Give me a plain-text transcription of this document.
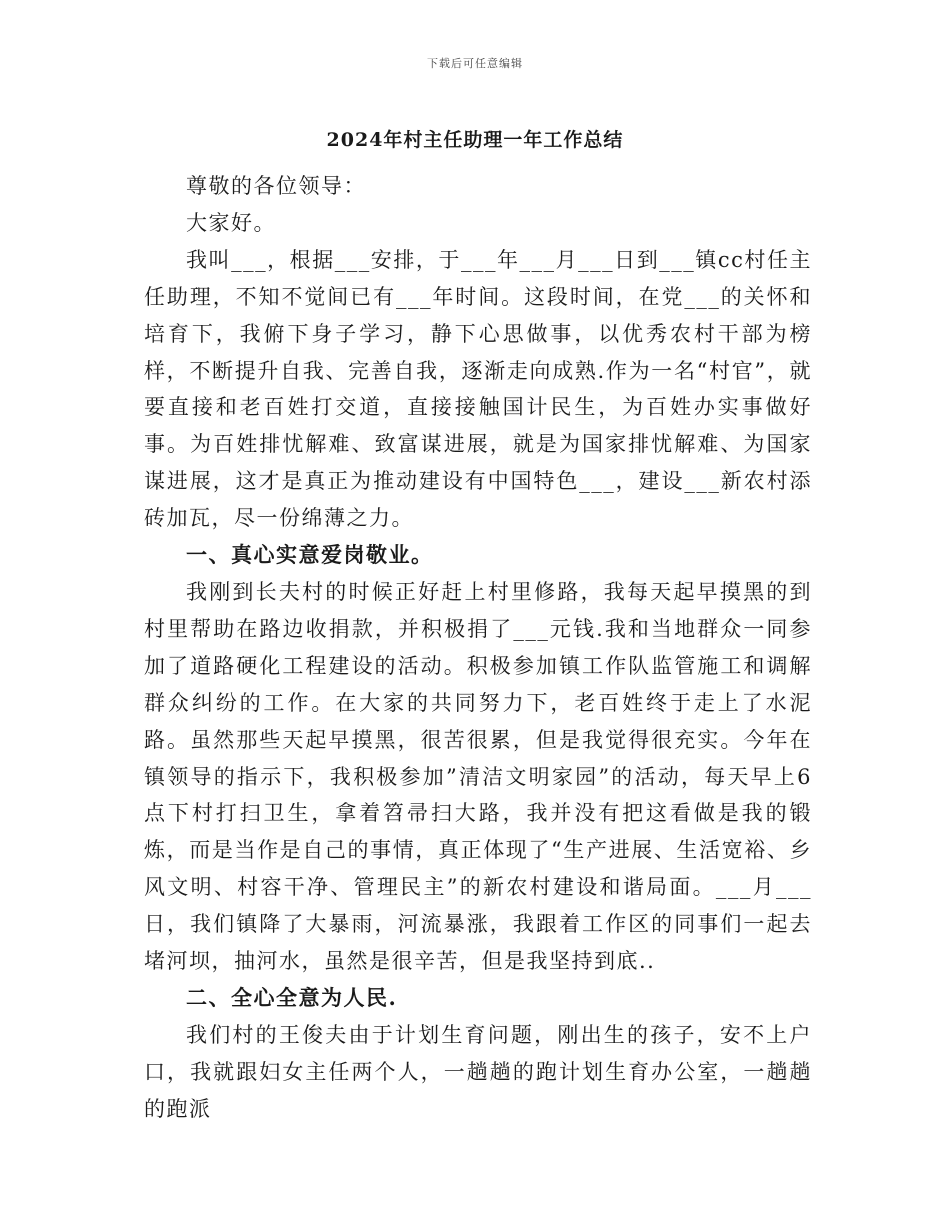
下载后可任意编辑
2024年村主任助理一年工作总结

尊敬的各位领导：

大家好。

我叫___，根据___安排，于___年___月___日到___镇cc村任主任助理，不知不觉间已有___年时间。这段时间，在党___的关怀和培育下，我俯下身子学习，静下心思做事，以优秀农村干部为榜样，不断提升自我、完善自我，逐渐走向成熟.作为一名“村官”，就要直接和老百姓打交道，直接接触国计民生，为百姓办实事做好事。为百姓排忧解难、致富谋进展，就是为国家排忧解难、为国家谋进展，这才是真正为推动建设有中国特色___，建设___新农村添砖加瓦，尽一份绵薄之力。

一、真心实意爱岗敬业。

我刚到长夫村的时候正好赶上村里修路，我每天起早摸黑的到村里帮助在路边收捐款，并积极捐了___元钱.我和当地群众一同参加了道路硬化工程建设的活动。积极参加镇工作队监管施工和调解群众纠纷的工作。在大家的共同努力下，老百姓终于走上了水泥路。虽然那些天起早摸黑，很苦很累，但是我觉得很充实。今年在镇领导的指示下，我积极参加”清洁文明家园”的活动，每天早上6点下村打扫卫生，拿着笤帚扫大路，我并没有把这看做是我的锻炼，而是当作是自己的事情，真正体现了“生产进展、生活宽裕、乡风文明、村容干净、管理民主”的新农村建设和谐局面。___月___日，我们镇降了大暴雨，河流暴涨，我跟着工作区的同事们一起去堵河坝，抽河水，虽然是很辛苦，但是我坚持到底..

二、全心全意为人民.

我们村的王俊夫由于计划生育问题，刚出生的孩子，安不上户口，我就跟妇女主任两个人，一趟趟的跑计划生育办公室，一趟趟的跑派
